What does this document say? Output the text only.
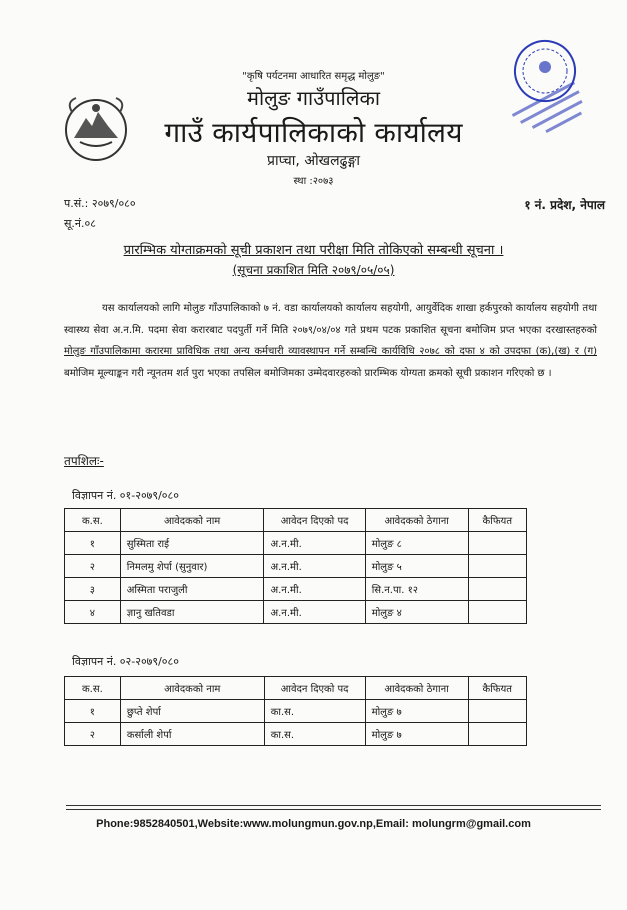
"कृषि पर्यटनमा आधारित समृद्ध मोलुङ"
मोलुङ गाउँपालिका
गाउँ कार्यपालिकाको कार्यालय
प्राप्चा, ओखलढुङ्गा
स्था :२०७३
प.सं.: २०७९/०८०
सू.नं.०८
१ नं. प्रदेश, नेपाल
प्रारम्भिक योग्ताक्रमको सूची प्रकाशन तथा परीक्षा मिति तोकिएको सम्बन्धी सूचना ।
(सूचना प्रकाशित मिति २०७९/०५/०५)
यस कार्यालयको लागि मोलुङ गाँउपालिकाको ७ नं. वडा कार्यालयको कार्यालय सहयोगी, आयुर्वेदिक शाखा हर्कपुरको कार्यालय सहयोगी तथा स्वास्थ्य सेवा अ.न.मि. पदमा सेवा करारबाट पदपुर्ती गर्ने मिति २०७९/०४/०४ गते प्रथम पटक प्रकाशित सूचना बमोजिम प्रप्त भएका दरखास्तहरुको मोलुङ गाँउपालिकामा करारमा प्राविधिक तथा अन्य कर्मचारी व्यावस्थापन गर्ने सम्बन्धि कार्यविधि २०७८ को दफा ४ को उपदफा (क),(ख) र (ग) बमोजिम मूल्याङ्कन गरी न्यूनतम शर्त पुरा भएका तपसिल बमोजिमका उम्मेदवारहरुको प्रारम्भिक योग्यता क्रमको सूची प्रकाशन गरिएको छ ।
तपशिलः-
विज्ञापन नं. ०१-२०७९/०८०
क.स.	आवेदकको नाम	आवेदन दिएको पद	आवेदकको ठेगाना	कैफियत
१	सुस्मिता राई	अ.न.मी.	मोलुङ ८	
२	निमलमु शेर्पा (सुनुवार)	अ.न.मी.	मोलुङ ५	
३	अस्मिता पराजुली	अ.न.मी.	सि.न.पा. १२	
४	ज्ञानु खतिवडा	अ.न.मी.	मोलुङ ४	
विज्ञापन नं. ०२-२०७९/०८०
क.स.	आवेदकको नाम	आवेदन दिएको पद	आवेदकको ठेगाना	कैफियत
१	छुप्ते शेर्पा	का.स.	मोलुङ ७	
२	कर्साली शेर्पा	का.स.	मोलुङ ७	
Phone:9852840501,Website:www.molungmun.gov.np,Email: molungrm@gmail.com
